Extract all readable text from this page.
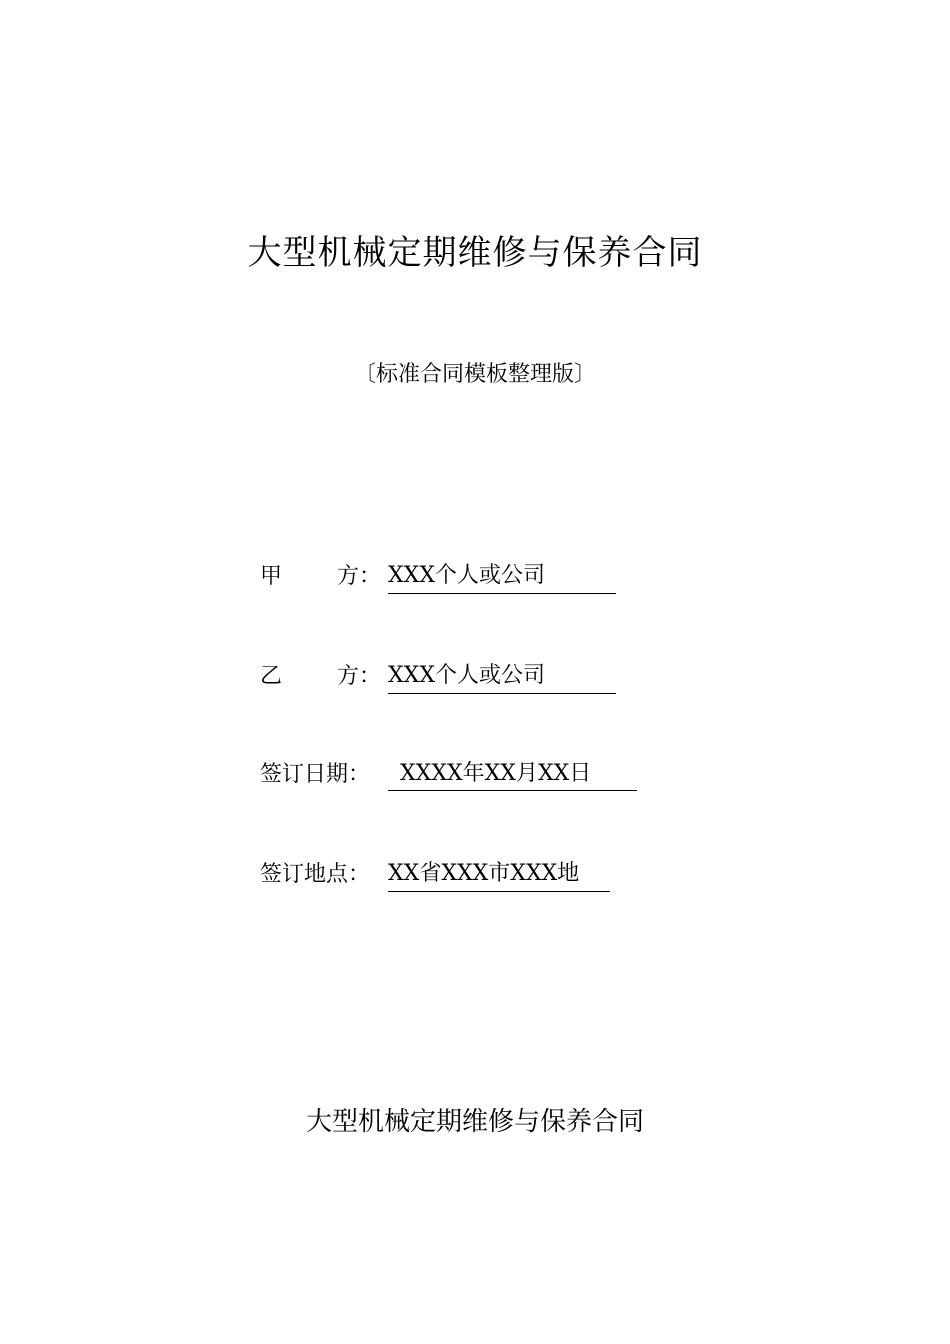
大型机械定期维修与保养合同
〔标准合同模板整理版〕
甲 方： XXX个人或公司
乙 方： XXX个人或公司
签订日期：	XXXX年XX月XX日
签订地点： XX省XXX市XXX地
大型机械定期维修与保养合同
